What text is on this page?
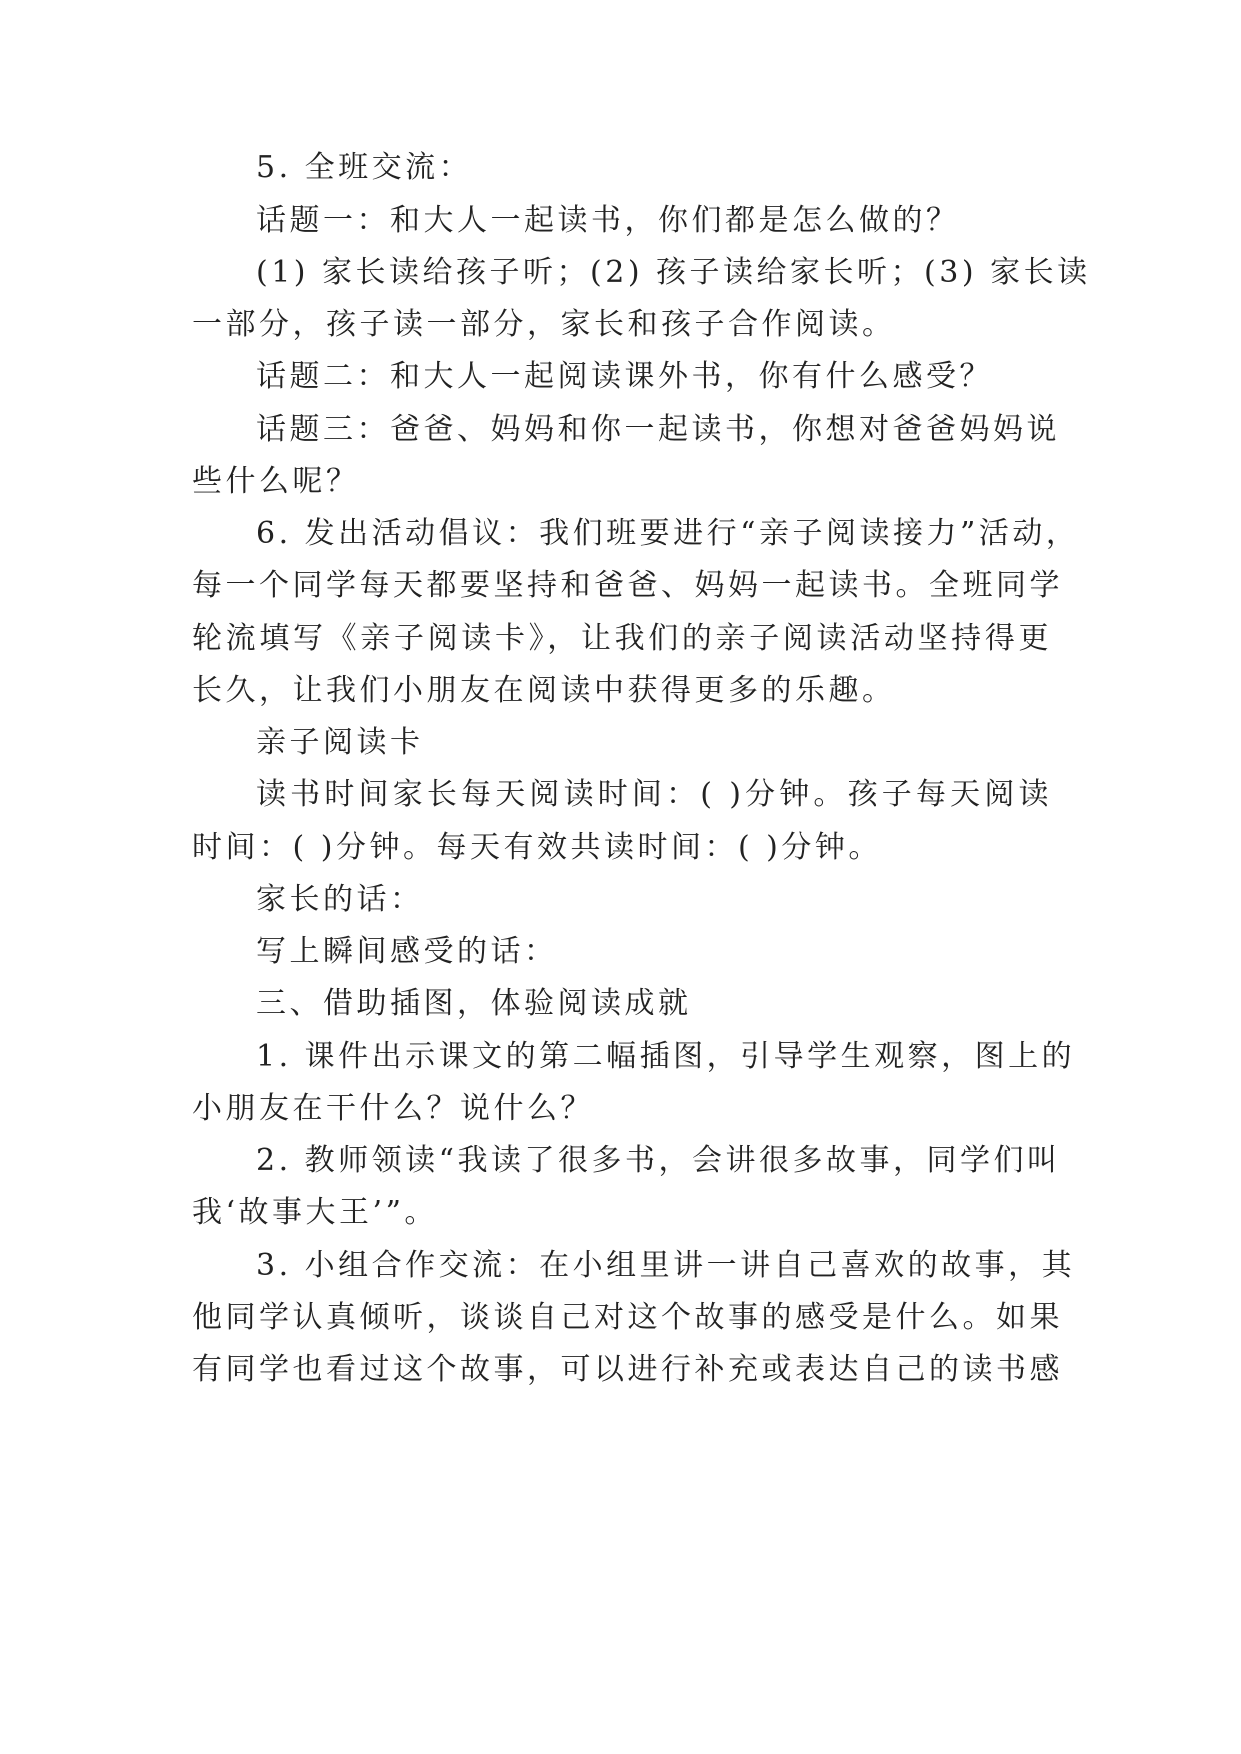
5. 全班交流：
话题一：和大人一起读书，你们都是怎么做的？
(1) 家长读给孩子听；(2) 孩子读给家长听；(3) 家长读
一部分，孩子读一部分，家长和孩子合作阅读。
话题二：和大人一起阅读课外书，你有什么感受？
话题三：爸爸、妈妈和你一起读书，你想对爸爸妈妈说
些什么呢？
6. 发出活动倡议：我们班要进行“亲子阅读接力”活动，
每一个同学每天都要坚持和爸爸、妈妈一起读书。全班同学
轮流填写《亲子阅读卡》，让我们的亲子阅读活动坚持得更
长久，让我们小朋友在阅读中获得更多的乐趣。
亲子阅读卡
读书时间家长每天阅读时间：( )分钟。孩子每天阅读
时间：( )分钟。每天有效共读时间：( )分钟。
家长的话：
写上瞬间感受的话：
三、借助插图，体验阅读成就
1. 课件出示课文的第二幅插图，引导学生观察，图上的
小朋友在干什么？说什么？
2. 教师领读“我读了很多书，会讲很多故事，同学们叫
我‘故事大王’”。
3. 小组合作交流：在小组里讲一讲自己喜欢的故事，其
他同学认真倾听，谈谈自己对这个故事的感受是什么。如果
有同学也看过这个故事，可以进行补充或表达自己的读书感
